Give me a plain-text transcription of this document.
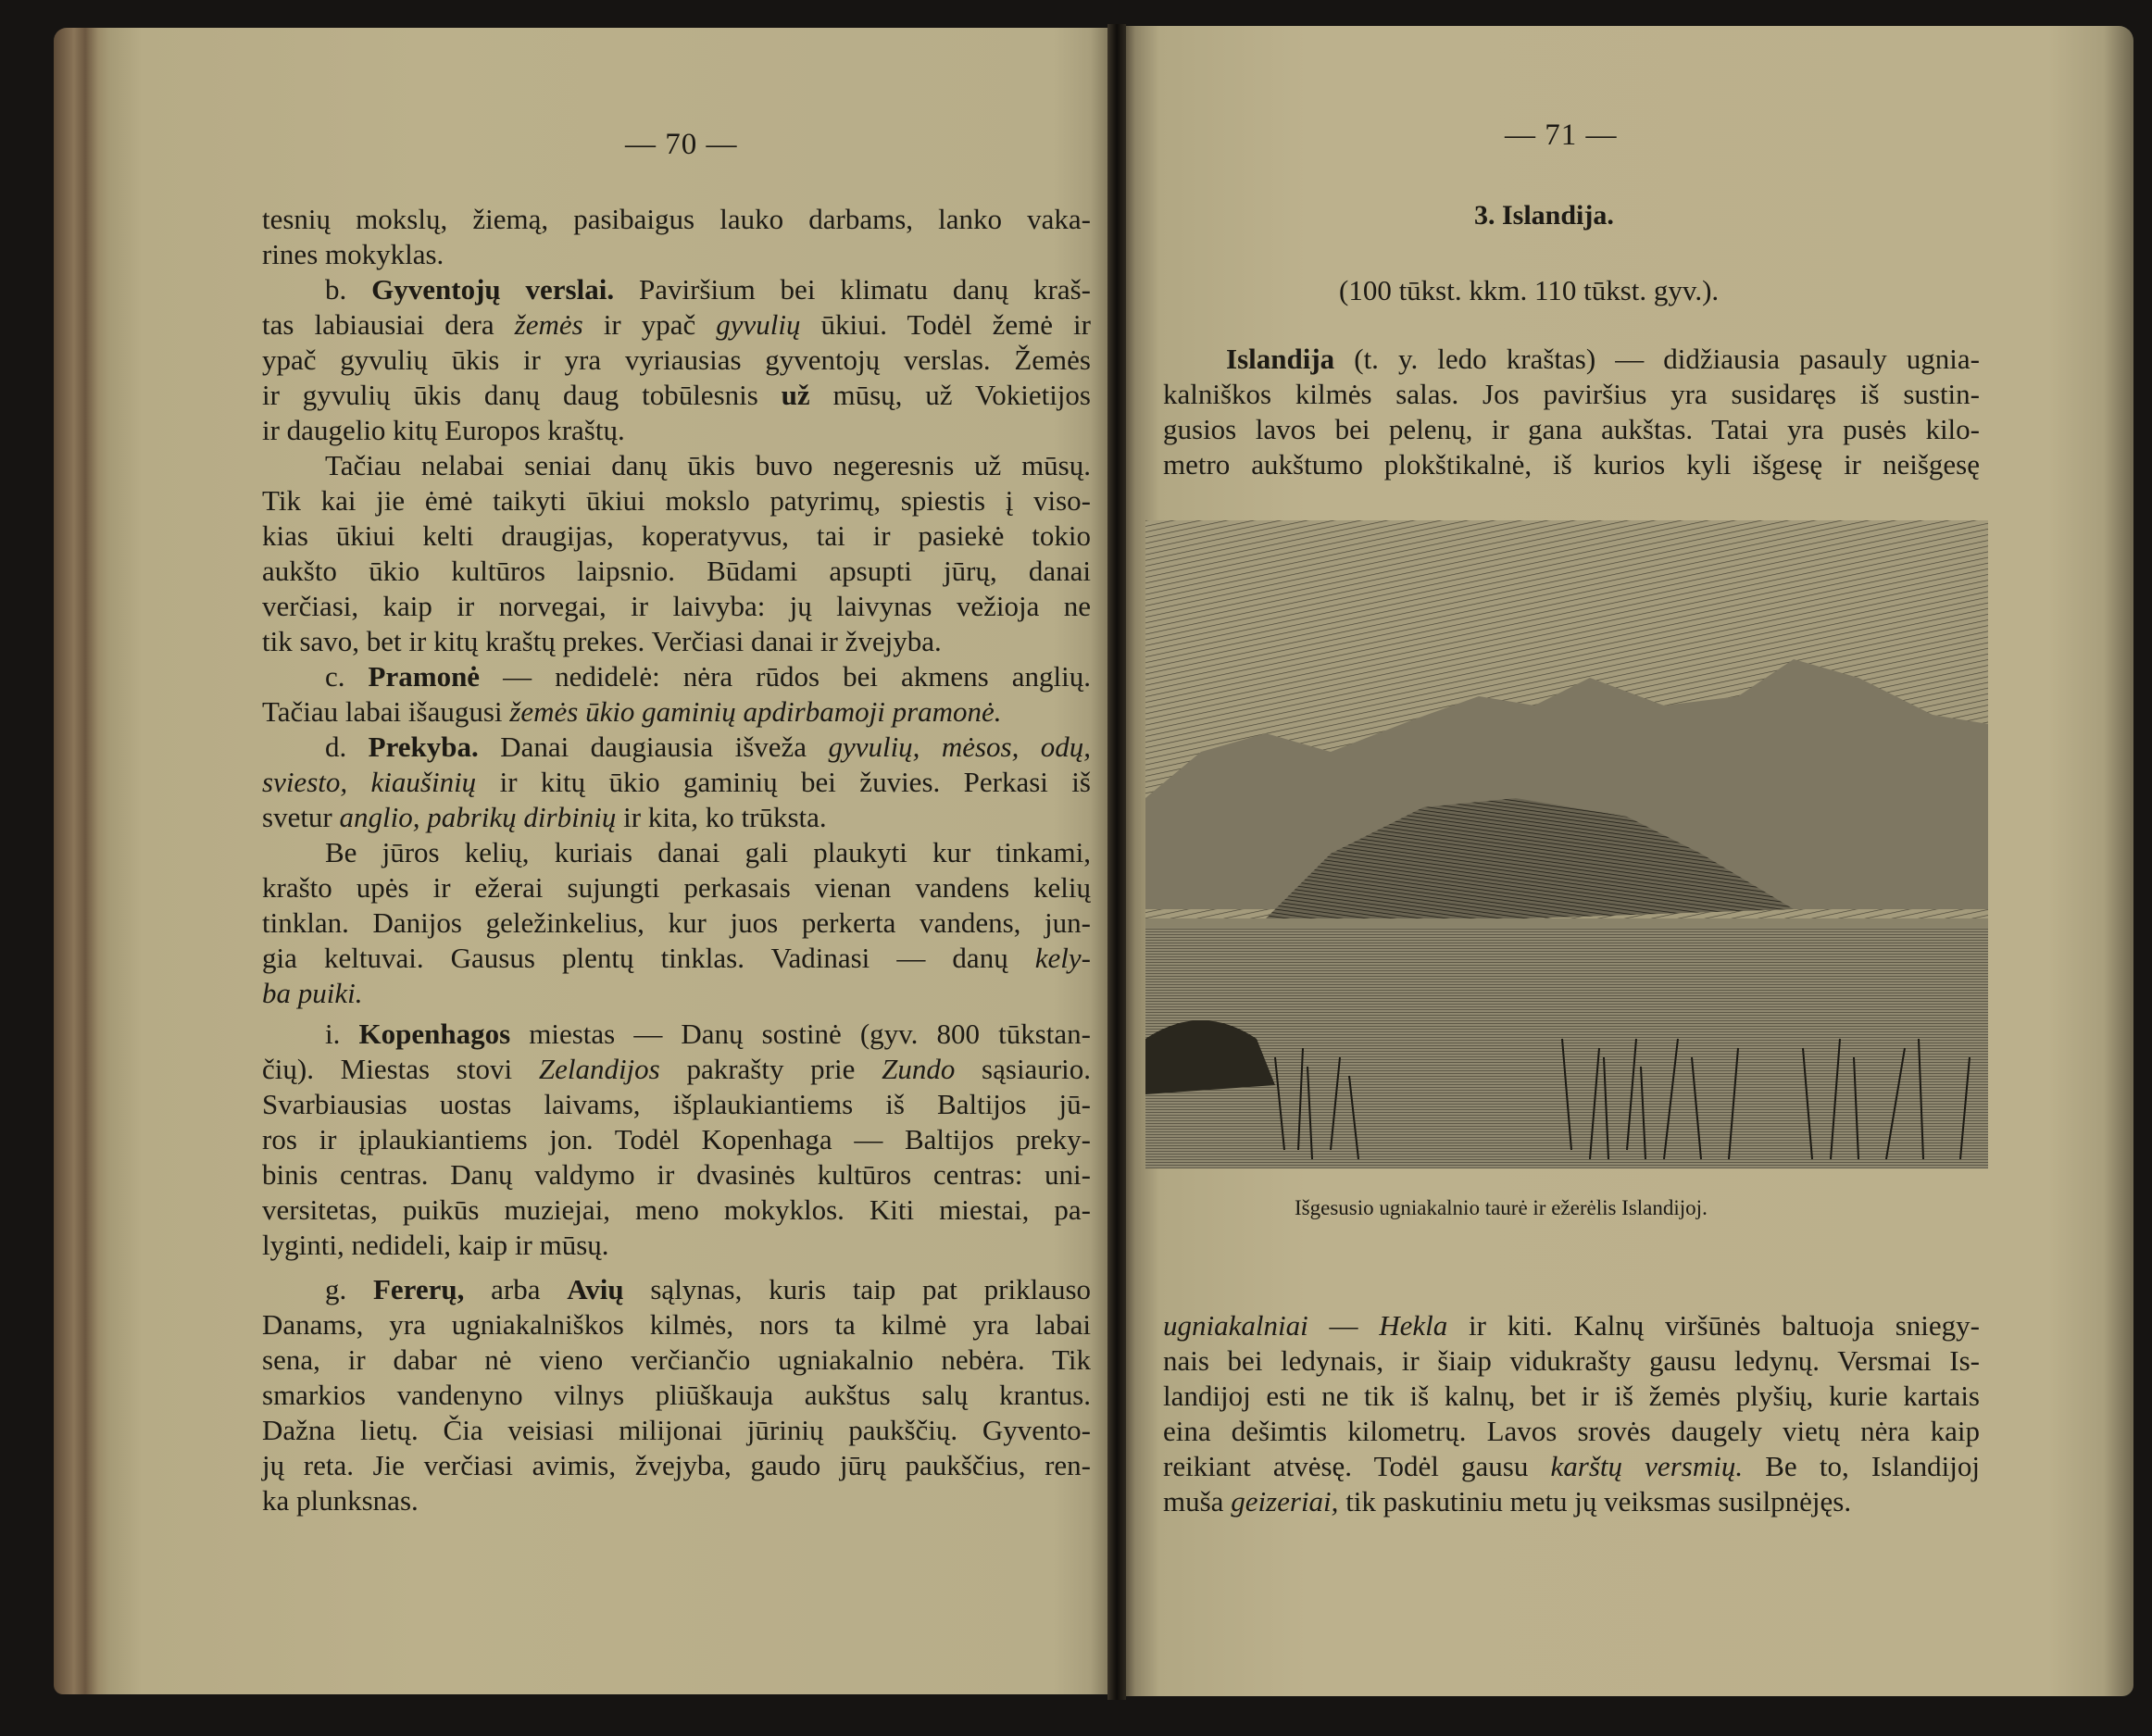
— 70 —
tesnių mokslų, žiemą, pasibaigus lauko darbams, lanko vaka-
rines mokyklas.
b. Gyventojų verslai. Paviršium bei klimatu danų kraš-
tas labiausiai dera žemės ir ypač gyvulių ūkiui. Todėl žemė ir
ypač gyvulių ūkis ir yra vyriausias gyventojų verslas. Žemės
ir gyvulių ūkis danų daug tobūlesnis už mūsų, už Vokietijos
ir daugelio kitų Europos kraštų.
Tačiau nelabai seniai danų ūkis buvo negeresnis už mūsų.
Tik kai jie ėmė taikyti ūkiui mokslo patyrimų, spiestis į viso-
kias ūkiui kelti draugijas, koperatyvus, tai ir pasiekė tokio
aukšto ūkio kultūros laipsnio. Būdami apsupti jūrų, danai
verčiasi, kaip ir norvegai, ir laivyba: jų laivynas vežioja ne
tik savo, bet ir kitų kraštų prekes. Verčiasi danai ir žvejyba.
c. Pramonė — nedidelė: nėra rūdos bei akmens anglių.
Tačiau labai išaugusi žemės ūkio gaminių apdirbamoji pramonė.
d. Prekyba. Danai daugiausia išveža gyvulių, mėsos, odų,
sviesto, kiaušinių ir kitų ūkio gaminių bei žuvies. Perkasi iš
svetur anglio, pabrikų dirbinių ir kita, ko trūksta.
Be jūros kelių, kuriais danai gali plaukyti kur tinkami,
krašto upės ir ežerai sujungti perkasais vienan vandens kelių
tinklan. Danijos geležinkelius, kur juos perkerta vandens, jun-
gia keltuvai. Gausus plentų tinklas. Vadinasi — danų kely-
ba puiki.
i. Kopenhagos miestas — Danų sostinė (gyv. 800 tūkstan-
čių). Miestas stovi Zelandijos pakrašty prie Zundo sąsiaurio.
Svarbiausias uostas laivams, išplaukiantiems iš Baltijos jū-
ros ir įplaukiantiems jon. Todėl Kopenhaga — Baltijos preky-
binis centras. Danų valdymo ir dvasinės kultūros centras: uni-
versitetas, puikūs muziejai, meno mokyklos. Kiti miestai, pa-
lyginti, nedideli, kaip ir mūsų.
g. Fererų, arba Avių sąlynas, kuris taip pat priklauso
Danams, yra ugniakalniškos kilmės, nors ta kilmė yra labai
sena, ir dabar nė vieno verčiančio ugniakalnio nebėra. Tik
smarkios vandenyno vilnys pliūškauja aukštus salų krantus.
Dažna lietų. Čia veisiasi milijonai jūrinių paukščių. Gyvento-
jų reta. Jie verčiasi avimis, žvejyba, gaudo jūrų paukščius, ren-
ka plunksnas.
— 71 —
3. Islandija.
(100 tūkst. kkm. 110 tūkst. gyv.).
Islandija (t. y. ledo kraštas) — didžiausia pasauly ugnia-
kalniškos kilmės salas. Jos paviršius yra susidaręs iš sustin-
gusios lavos bei pelenų, ir gana aukštas. Tatai yra pusės kilo-
metro aukštumo plokštikalnė, iš kurios kyli išgesę ir neišgesę
Išgesusio ugniakalnio taurė ir ežerėlis Islandijoj.
ugniakalniai — Hekla ir kiti. Kalnų viršūnės baltuoja sniegy-
nais bei ledynais, ir šiaip vidukrašty gausu ledynų. Versmai Is-
landijoj esti ne tik iš kalnų, bet ir iš žemės plyšių, kurie kartais
eina dešimtis kilometrų. Lavos srovės daugely vietų nėra kaip
reikiant atvėsę. Todėl gausu karštų versmių. Be to, Islandijoj
muša geizeriai, tik paskutiniu metu jų veiksmas susilpnėjęs.
